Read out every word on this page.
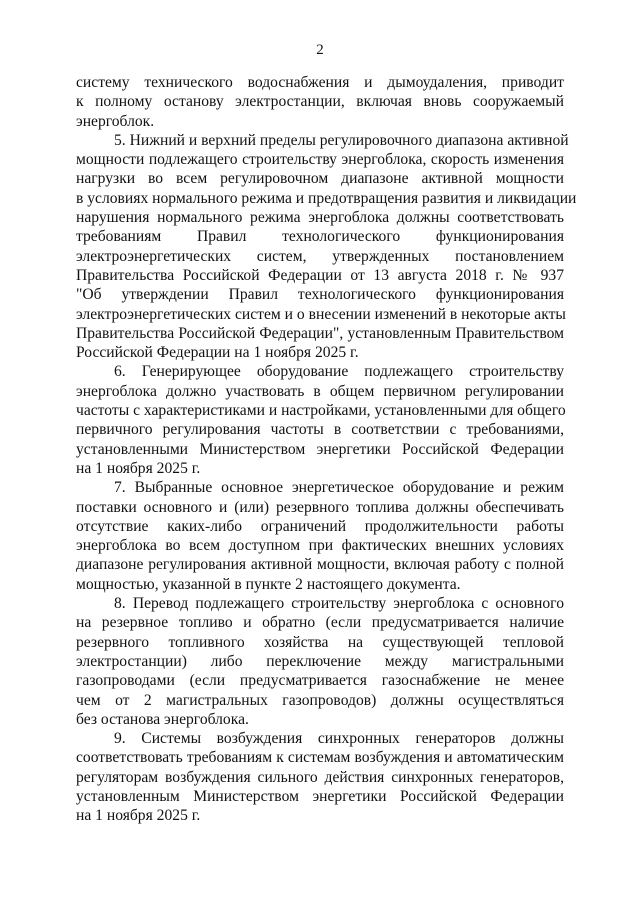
2
систему технического водоснабжения и дымоудаления, приводит
к полному останову электростанции, включая вновь сооружаемый
энергоблок.
5. Нижний и верхний пределы регулировочного диапазона активной
мощности подлежащего строительству энергоблока, скорость изменения
нагрузки во всем регулировочном диапазоне активной мощности
в условиях нормального режима и предотвращения развития и ликвидации
нарушения нормального режима энергоблока должны соответствовать
требованиям Правил технологического функционирования
электроэнергетических систем, утвержденных постановлением
Правительства Российской Федерации от 13 августа 2018 г. № 937
"Об утверждении Правил технологического функционирования
электроэнергетических систем и о внесении изменений в некоторые акты
Правительства Российской Федерации", установленным Правительством
Российской Федерации на 1 ноября 2025 г.
6. Генерирующее оборудование подлежащего строительству
энергоблока должно участвовать в общем первичном регулировании
частоты с характеристиками и настройками, установленными для общего
первичного регулирования частоты в соответствии с требованиями,
установленными Министерством энергетики Российской Федерации
на 1 ноября 2025 г.
7. Выбранные основное энергетическое оборудование и режим
поставки основного и (или) резервного топлива должны обеспечивать
отсутствие каких-либо ограничений продолжительности работы
энергоблока во всем доступном при фактических внешних условиях
диапазоне регулирования активной мощности, включая работу с полной
мощностью, указанной в пункте 2 настоящего документа.
8. Перевод подлежащего строительству энергоблока с основного
на резервное топливо и обратно (если предусматривается наличие
резервного топливного хозяйства на существующей тепловой
электростанции) либо переключение между магистральными
газопроводами (если предусматривается газоснабжение не менее
чем от 2 магистральных газопроводов) должны осуществляться
без останова энергоблока.
9. Системы возбуждения синхронных генераторов должны
соответствовать требованиям к системам возбуждения и автоматическим
регуляторам возбуждения сильного действия синхронных генераторов,
установленным Министерством энергетики Российской Федерации
на 1 ноября 2025 г.
